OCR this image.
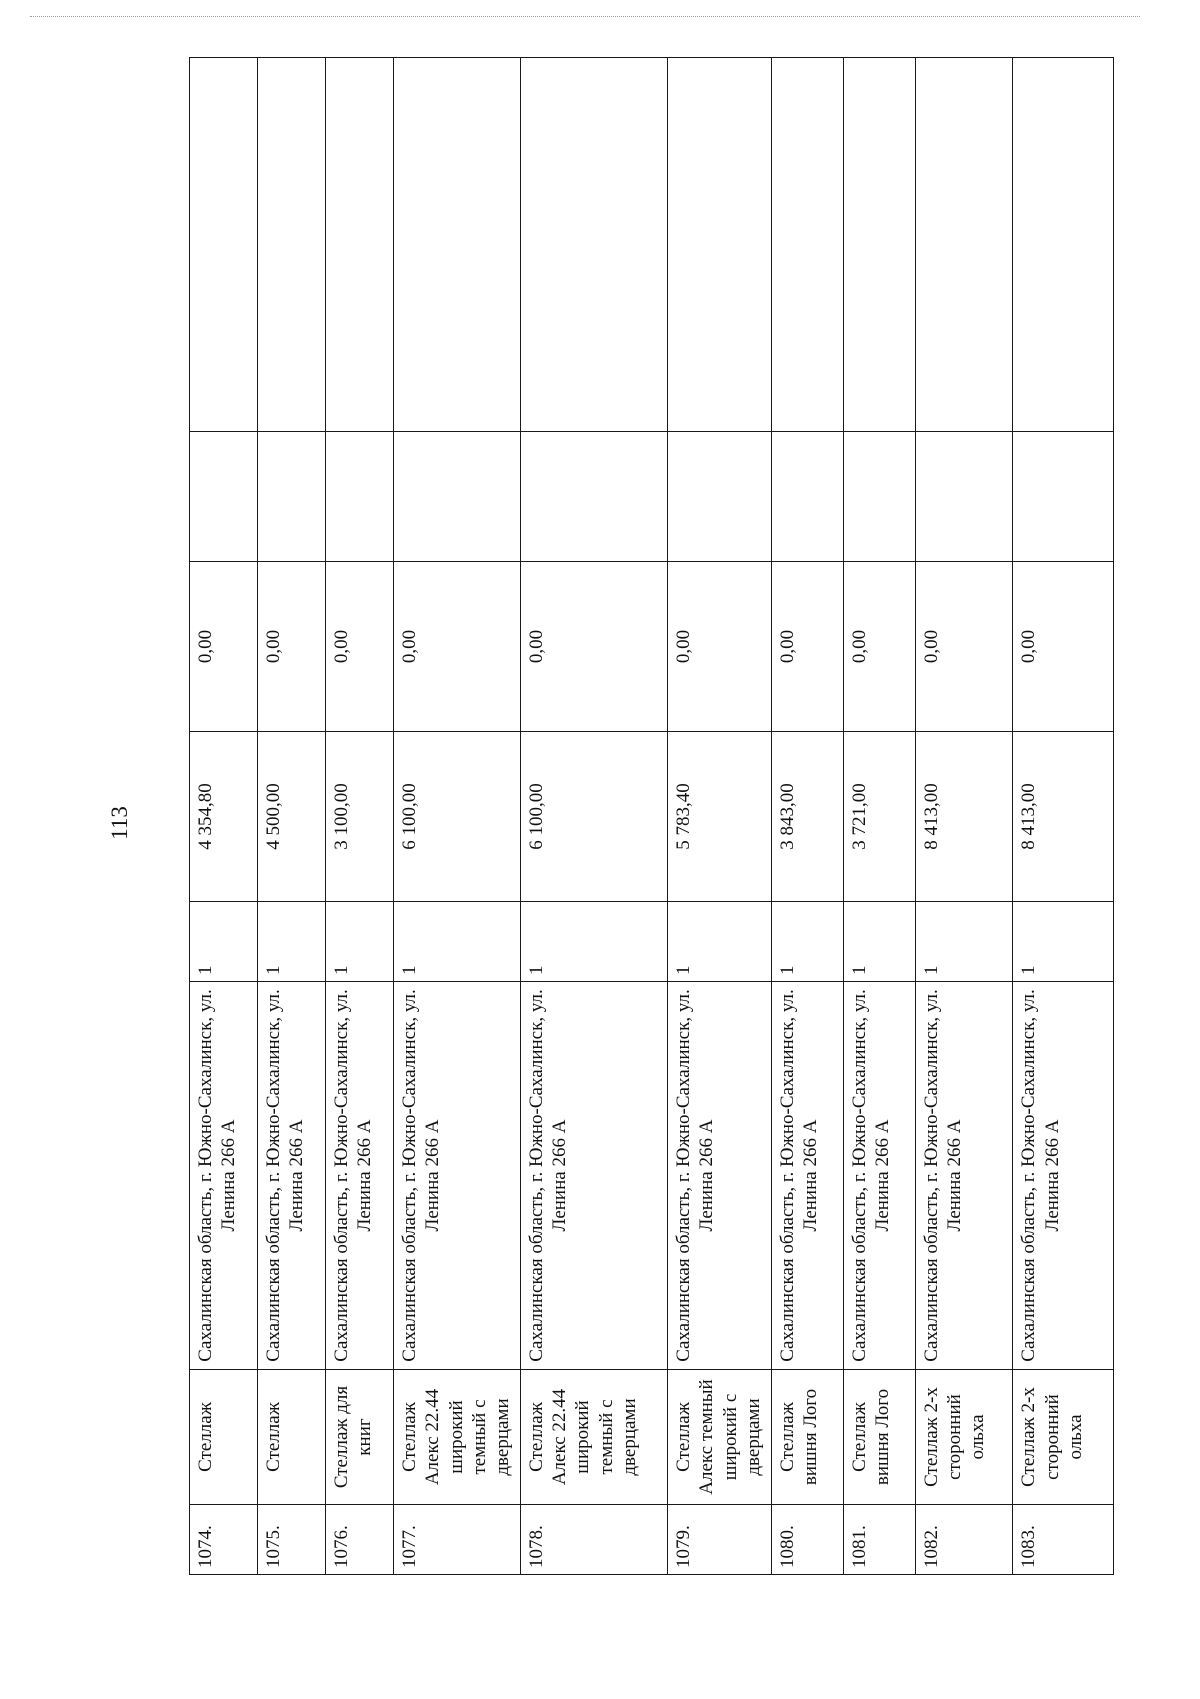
113
1074.	Стеллаж	Сахалинская область, г. Южно-Сахалинск, ул. Ленина 266 А	1	4 354,80	0,00		
1075.	Стеллаж	Сахалинская область, г. Южно-Сахалинск, ул. Ленина 266 А	1	4 500,00	0,00		
1076.	Стеллаж для книг	Сахалинская область, г. Южно-Сахалинск, ул. Ленина 266 А	1	3 100,00	0,00		
1077.	Стеллаж Алекс 22.44 широкий темный с дверцами	Сахалинская область, г. Южно-Сахалинск, ул. Ленина 266 А	1	6 100,00	0,00		
1078.	Стеллаж Алекс 22.44 широкий темный с дверцами	Сахалинская область, г. Южно-Сахалинск, ул. Ленина 266 А	1	6 100,00	0,00		
1079.	Стеллаж Алекс темный широкий с дверцами	Сахалинская область, г. Южно-Сахалинск, ул. Ленина 266 А	1	5 783,40	0,00		
1080.	Стеллаж вишня Лого	Сахалинская область, г. Южно-Сахалинск, ул. Ленина 266 А	1	3 843,00	0,00		
1081.	Стеллаж вишня Лого	Сахалинская область, г. Южно-Сахалинск, ул. Ленина 266 А	1	3 721,00	0,00		
1082.	Стеллаж 2-х сторонний ольха	Сахалинская область, г. Южно-Сахалинск, ул. Ленина 266 А	1	8 413,00	0,00		
1083.	Стеллаж 2-х сторонний ольха	Сахалинская область, г. Южно-Сахалинск, ул. Ленина 266 А	1	8 413,00	0,00		
